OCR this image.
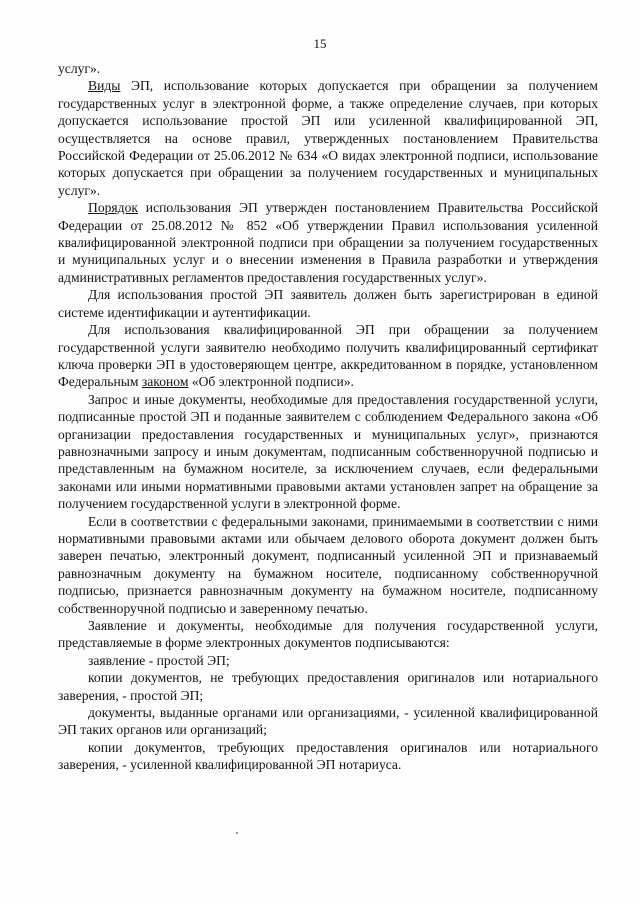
15

услуг».

Виды ЭП, использование которых допускается при обращении за получением государственных услуг в электронной форме, а также определение случаев, при которых допускается использование простой ЭП или усиленной квалифицированной ЭП, осуществляется на основе правил, утвержденных постановлением Правительства Российской Федерации от 25.06.2012 № 634 «О видах электронной подписи, использование которых допускается при обращении за получением государственных и муниципальных услуг».

Порядок использования ЭП утвержден постановлением Правительства Российской Федерации от 25.08.2012 № 852 «Об утверждении Правил использования усиленной квалифицированной электронной подписи при обращении за получением государственных и муниципальных услуг и о внесении изменения в Правила разработки и утверждения административных регламентов предоставления государственных услуг».

Для использования простой ЭП заявитель должен быть зарегистрирован в единой системе идентификации и аутентификации.

Для использования квалифицированной ЭП при обращении за получением государственной услуги заявителю необходимо получить квалифицированный сертификат ключа проверки ЭП в удостоверяющем центре, аккредитованном в порядке, установленном Федеральным законом «Об электронной подписи».

Запрос и иные документы, необходимые для предоставления государственной услуги, подписанные простой ЭП и поданные заявителем с соблюдением Федерального закона «Об организации предоставления государственных и муниципальных услуг», признаются равнозначными запросу и иным документам, подписанным собственноручной подписью и представленным на бумажном носителе, за исключением случаев, если федеральными законами или иными нормативными правовыми актами установлен запрет на обращение за получением государственной услуги в электронной форме.

Если в соответствии с федеральными законами, принимаемыми в соответствии с ними нормативными правовыми актами или обычаем делового оборота документ должен быть заверен печатью, электронный документ, подписанный усиленной ЭП и признаваемый равнозначным документу на бумажном носителе, подписанному собственноручной подписью, признается равнозначным документу на бумажном носителе, подписанному собственноручной подписью и заверенному печатью.

Заявление и документы, необходимые для получения государственной услуги, представляемые в форме электронных документов подписываются:

заявление - простой ЭП;

копии документов, не требующих предоставления оригиналов или нотариального заверения, - простой ЭП;

документы, выданные органами или организациями, - усиленной квалифицированной ЭП таких органов или организаций;

копии документов, требующих предоставления оригиналов или нотариального заверения, - усиленной квалифицированной ЭП нотариуса.
